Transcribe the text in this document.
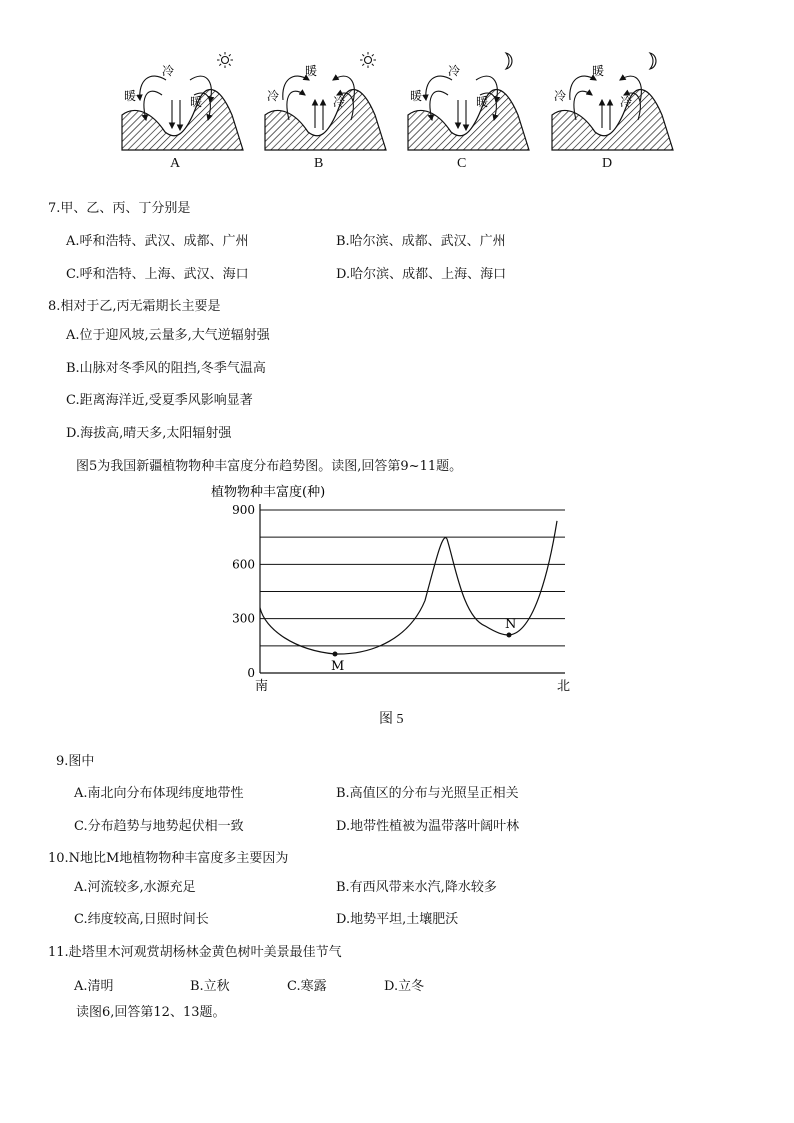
暖
冷
暖	冷
暖
冷	暖
冷
暖	冷
暖
冷
A	B	C	D
7.甲、乙、丙、丁分别是
A.呼和浩特、武汉、成都、广州	B.哈尔滨、成都、武汉、广州
C.呼和浩特、上海、武汉、海口	D.哈尔滨、成都、上海、海口
8.相对于乙,丙无霜期长主要是
A.位于迎风坡,云量多,大气逆辐射强
B.山脉对冬季风的阻挡,冬季气温高
C.距离海洋近,受夏季风影响显著
D.海拔高,晴天多,太阳辐射强
图5为我国新疆植物物种丰富度分布趋势图。读图,回答第9~11题。
植物物种丰富度(种)
900
600
300
0	M
N
南	北
图 5
9.图中
A.南北向分布体现纬度地带性	B.高值区的分布与光照呈正相关
C.分布趋势与地势起伏相一致	D.地带性植被为温带落叶阔叶林
10.N地比M地植物物种丰富度多主要因为
A.河流较多,水源充足	B.有西风带来水汽,降水较多
C.纬度较高,日照时间长	D.地势平坦,土壤肥沃
11.赴塔里木河观赏胡杨林金黄色树叶美景最佳节气
A.清明	B.立秋	C.寒露	D.立冬
读图6,回答第12、13题。
